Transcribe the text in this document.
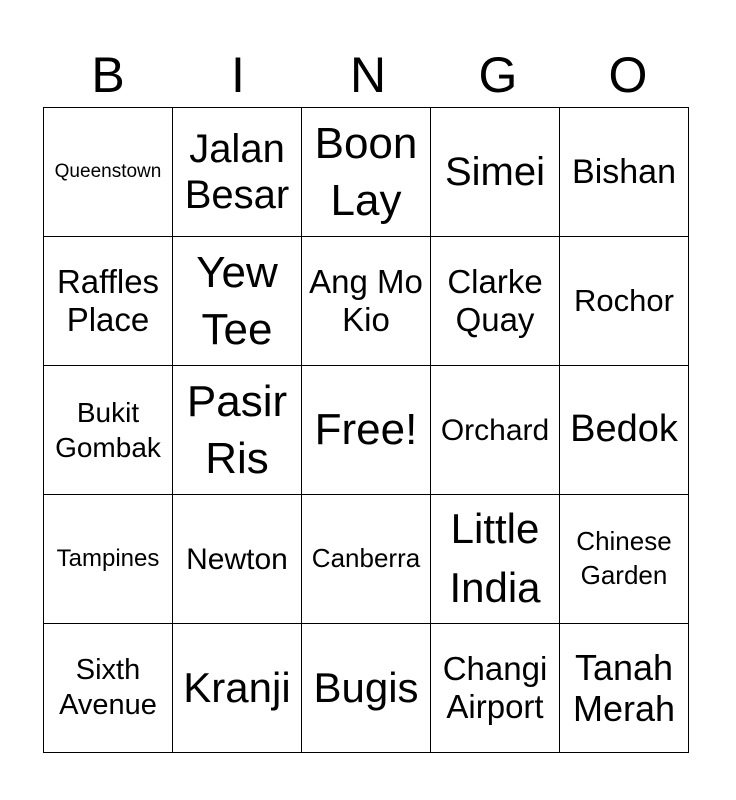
B	I	N	G	O
Queenstown	Jalan Besar	Boon Lay	Simei	Bishan
Raffles Place	Yew Tee	Ang Mo Kio	Clarke Quay	Rochor
Bukit Gombak	Pasir Ris	Free!	Orchard	Bedok
Tampines	Newton	Canberra	Little India	Chinese Garden
Sixth Avenue	Kranji	Bugis	Changi Airport	Tanah Merah
